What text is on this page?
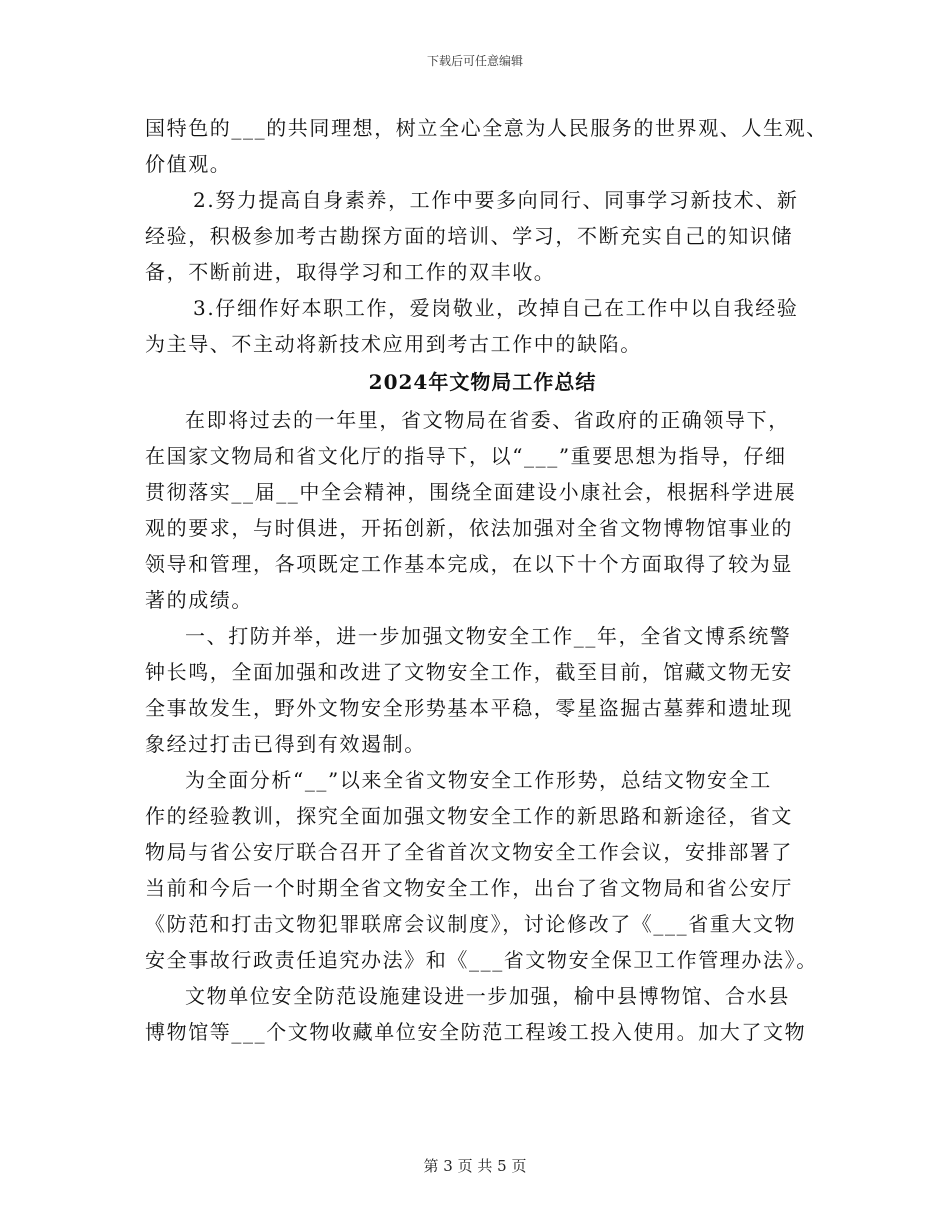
下载后可任意编辑
国特色的___的共同理想，树立全心全意为人民服务的世界观、人生观、
价值观。
2.努力提高自身素养，工作中要多向同行、同事学习新技术、新
经验，积极参加考古勘探方面的培训、学习，不断充实自己的知识储
备，不断前进，取得学习和工作的双丰收。
3.仔细作好本职工作，爱岗敬业，改掉自己在工作中以自我经验
为主导、不主动将新技术应用到考古工作中的缺陷。
2024年文物局工作总结
在即将过去的一年里，省文物局在省委、省政府的正确领导下，
在国家文物局和省文化厅的指导下，以“___”重要思想为指导，仔细
贯彻落实__届__中全会精神，围绕全面建设小康社会，根据科学进展
观的要求，与时俱进，开拓创新，依法加强对全省文物博物馆事业的
领导和管理，各项既定工作基本完成，在以下十个方面取得了较为显
著的成绩。
一、打防并举，进一步加强文物安全工作__年，全省文博系统警
钟长鸣，全面加强和改进了文物安全工作，截至目前，馆藏文物无安
全事故发生，野外文物安全形势基本平稳，零星盗掘古墓葬和遗址现
象经过打击已得到有效遏制。
为全面分析“__”以来全省文物安全工作形势，总结文物安全工
作的经验教训，探究全面加强文物安全工作的新思路和新途径，省文
物局与省公安厅联合召开了全省首次文物安全工作会议，安排部署了
当前和今后一个时期全省文物安全工作，出台了省文物局和省公安厅
《防范和打击文物犯罪联席会议制度》，讨论修改了《___省重大文物
安全事故行政责任追究办法》和《___省文物安全保卫工作管理办法》。
文物单位安全防范设施建设进一步加强，榆中县博物馆、合水县
博物馆等___个文物收藏单位安全防范工程竣工投入使用。加大了文物
第 3 页 共 5 页
